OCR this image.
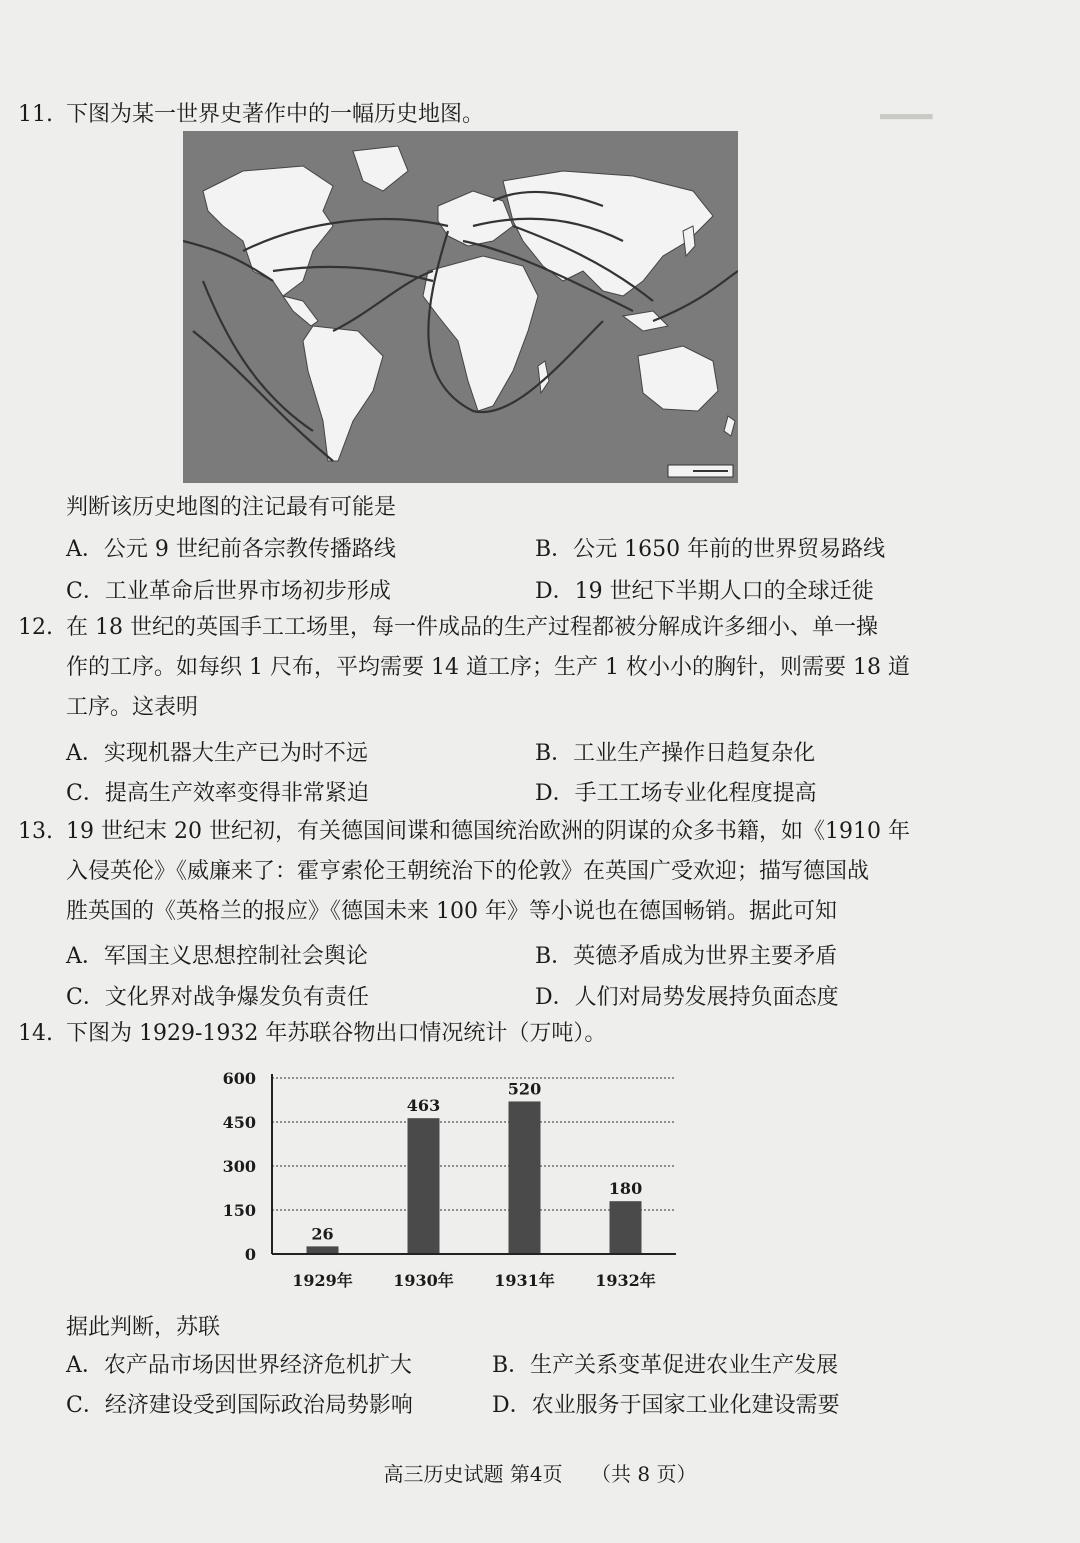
▂▂▂▂
11. 下图为某一世界史著作中的一幅历史地图。
判断该历史地图的注记最有可能是
A．公元 9 世纪前各宗教传播路线	B．公元 1650 年前的世界贸易路线
C．工业革命后世界市场初步形成	D．19 世纪下半期人口的全球迁徙
12. 在 18 世纪的英国手工工场里，每一件成品的生产过程都被分解成许多细小、单一操
作的工序。如每织 1 尺布，平均需要 14 道工序；生产 1 枚小小的胸针，则需要 18 道
工序。这表明
A．实现机器大生产已为时不远	B．工业生产操作日趋复杂化
C．提高生产效率变得非常紧迫	D．手工工场专业化程度提高
13. 19 世纪末 20 世纪初，有关德国间谍和德国统治欧洲的阴谋的众多书籍，如《1910 年
入侵英伦》《威廉来了：霍亨索伦王朝统治下的伦敦》在英国广受欢迎；描写德国战
胜英国的《英格兰的报应》《德国未来 100 年》等小说也在德国畅销。据此可知
A．军国主义思想控制社会舆论	B．英德矛盾成为世界主要矛盾
C．文化界对战争爆发负有责任	D．人们对局势发展持负面态度
14. 下图为 1929-1932 年苏联谷物出口情况统计（万吨）。
600
450
300
150
0
26
463
520
180
1929年	1930年	1931年	1932年
据此判断，苏联
A．农产品市场因世界经济危机扩大	B．生产关系变革促进农业生产发展
C．经济建设受到国际政治局势影响	D．农业服务于国家工业化建设需要
高三历史试题 第4页 （共 8 页）
